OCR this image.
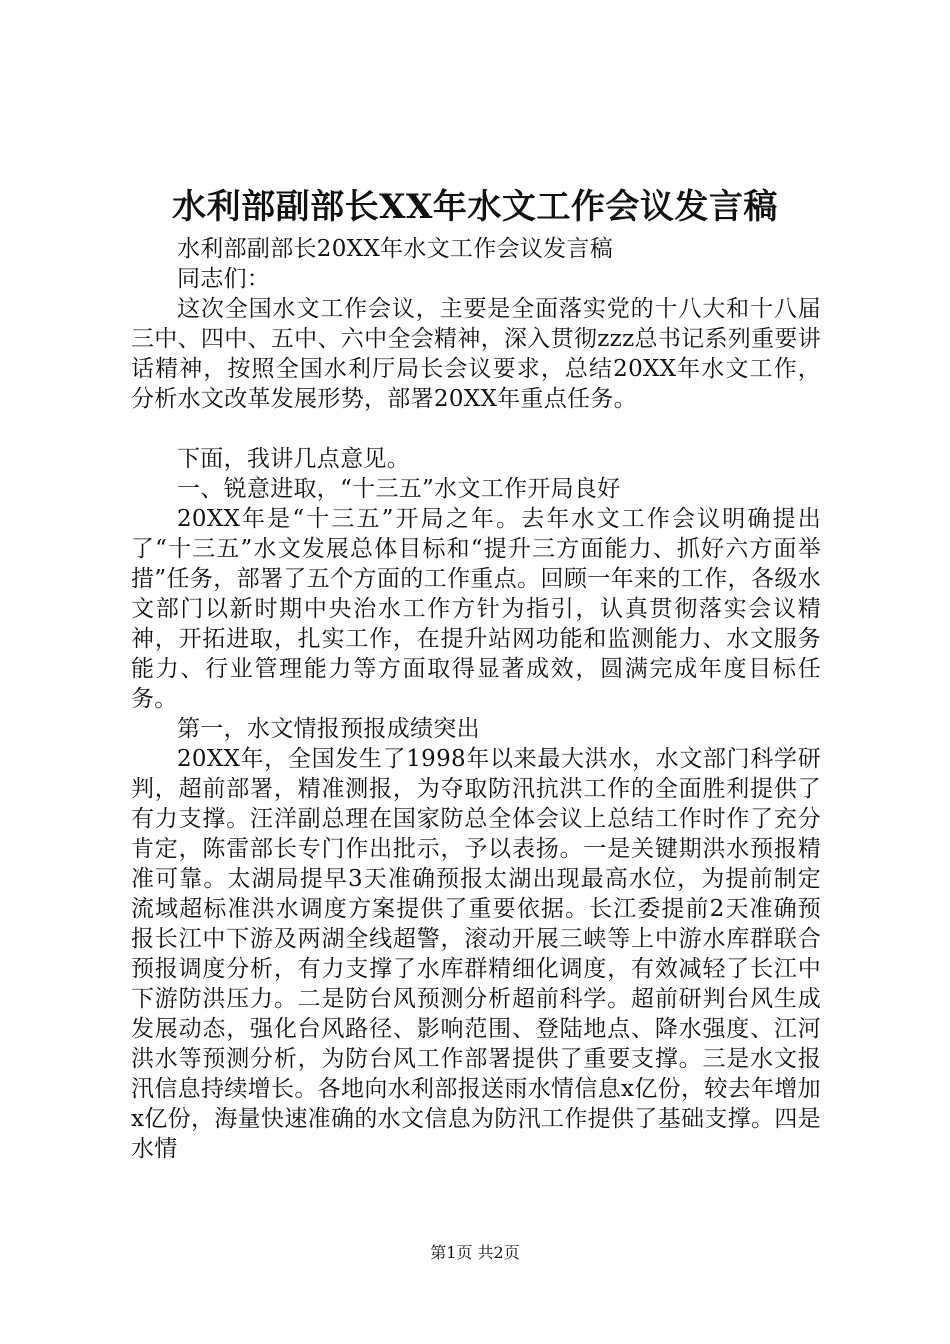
水利部副部长XX年水文工作会议发言稿

水利部副部长20XX年水文工作会议发言稿

同志们：

这次全国水文工作会议，主要是全面落实党的十八大和十八届三中、四中、五中、六中全会精神，深入贯彻zzz总书记系列重要讲话精神，按照全国水利厅局长会议要求，总结20XX年水文工作，分析水文改革发展形势，部署20XX年重点任务。

下面，我讲几点意见。

一、锐意进取，“十三五”水文工作开局良好

20XX年是“十三五”开局之年。去年水文工作会议明确提出了“十三五”水文发展总体目标和“提升三方面能力、抓好六方面举措”任务，部署了五个方面的工作重点。回顾一年来的工作，各级水文部门以新时期中央治水工作方针为指引，认真贯彻落实会议精神，开拓进取，扎实工作，在提升站网功能和监测能力、水文服务能力、行业管理能力等方面取得显著成效，圆满完成年度目标任务。

第一，水文情报预报成绩突出

20XX年，全国发生了1998年以来最大洪水，水文部门科学研判，超前部署，精准测报，为夺取防汛抗洪工作的全面胜利提供了有力支撑。汪洋副总理在国家防总全体会议上总结工作时作了充分肯定，陈雷部长专门作出批示，予以表扬。一是关键期洪水预报精准可靠。太湖局提早3天准确预报太湖出现最高水位，为提前制定流域超标准洪水调度方案提供了重要依据。长江委提前2天准确预报长江中下游及两湖全线超警，滚动开展三峡等上中游水库群联合预报调度分析，有力支撑了水库群精细化调度，有效减轻了长江中下游防洪压力。二是防台风预测分析超前科学。超前研判台风生成发展动态，强化台风路径、影响范围、登陆地点、降水强度、江河洪水等预测分析，为防台风工作部署提供了重要支撑。三是水文报汛信息持续增长。各地向水利部报送雨水情信息x亿份，较去年增加x亿份，海量快速准确的水文信息为防汛工作提供了基础支撑。四是水情

第1页 共2页
